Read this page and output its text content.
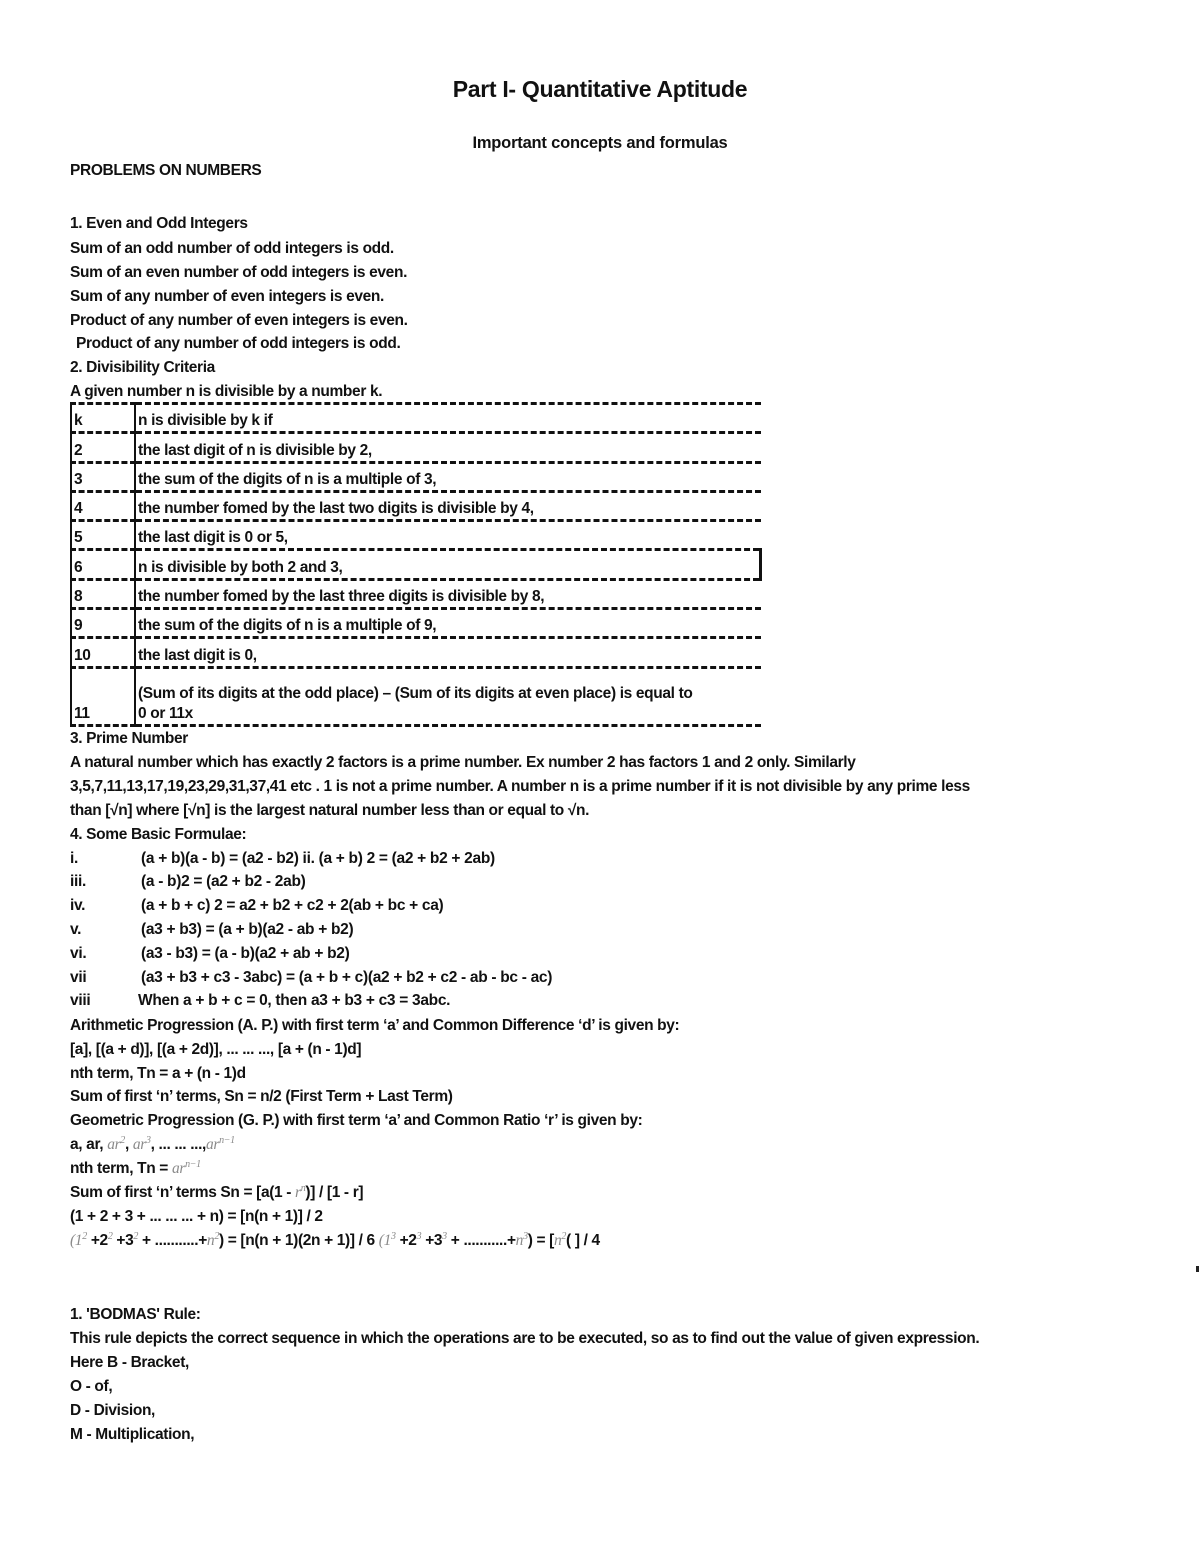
Part I- Quantitative Aptitude
Important concepts and formulas
PROBLEMS ON NUMBERS
1. Even and Odd Integers
Sum of an odd number of odd integers is odd.
Sum of an even number of odd integers is even.
Sum of any number of even integers is even.
Product of any number of even integers is even.
Product of any number of odd integers is odd.
2. Divisibility Criteria
A given number n is divisible by a number k.
k	n is divisible by k if
2	the last digit of n is divisible by 2,
3	the sum of the digits of n is a multiple of 3,
4	the number fomed by the last two digits is divisible by 4,
5	the last digit is 0 or 5,
6	n is divisible by both 2 and 3,
8	the number fomed by the last three digits is divisible by 8,
9	the sum of the digits of n is a multiple of 9,
10	the last digit is 0,
11	(Sum of its digits at the odd place) – (Sum of its digits at even place) is equal to
0 or 11x
3. Prime Number
A natural number which has exactly 2 factors is a prime number. Ex number 2 has factors 1 and 2 only. Similarly
3,5,7,11,13,17,19,23,29,31,37,41 etc . 1 is not a prime number. A number n is a prime number if it is not divisible by any prime less
than [√n] where [√n] is the largest natural number less than or equal to √n.
4. Some Basic Formulae:
i.	(a + b)(a - b) = (a2 - b2) ii. (a + b) 2 = (a2 + b2 + 2ab)
iii.	(a - b)2 = (a2 + b2 - 2ab)
iv.	(a + b + c) 2 = a2 + b2 + c2 + 2(ab + bc + ca)
v.	(a3 + b3) = (a + b)(a2 - ab + b2)
vi.	(a3 - b3) = (a - b)(a2 + ab + b2)
vii	(a3 + b3 + c3 - 3abc) = (a + b + c)(a2 + b2 + c2 - ab - bc - ac)
viii	When a + b + c = 0, then a3 + b3 + c3 = 3abc.
Arithmetic Progression (A. P.) with first term ‘a’ and Common Difference ‘d’ is given by:
[a], [(a + d)], [(a + 2d)], ... ... ..., [a + (n - 1)d]
nth term, Tn = a + (n - 1)d
Sum of first ‘n’ terms, Sn = n/2 (First Term + Last Term)
Geometric Progression (G. P.) with first term ‘a’ and Common Ratio ‘r’ is given by:
a, ar, $ar^2$, $ar^3$, ... ... $...,ar^{n-1}$
nth term, $Tn = ar^{n-1}$
Sum of first ‘n’ terms $Sn = [a(1 - r^n)] / [1 - r]$
(1 + 2 + 3 + ... ... ... + n) = [n(n + 1)] / 2
$(1^2 +2^2 +3^2 + ...........+n^2) = [n(n + 1)(2n + 1)] / 6$ $(1^3 +2^3 +3^3 + ...........+n^3) = [n^2$( ] / 4
1. 'BODMAS' Rule:
This rule depicts the correct sequence in which the operations are to be executed, so as to find out the value of given expression.
Here B - Bracket,
O - of,
D - Division,
M - Multiplication,
